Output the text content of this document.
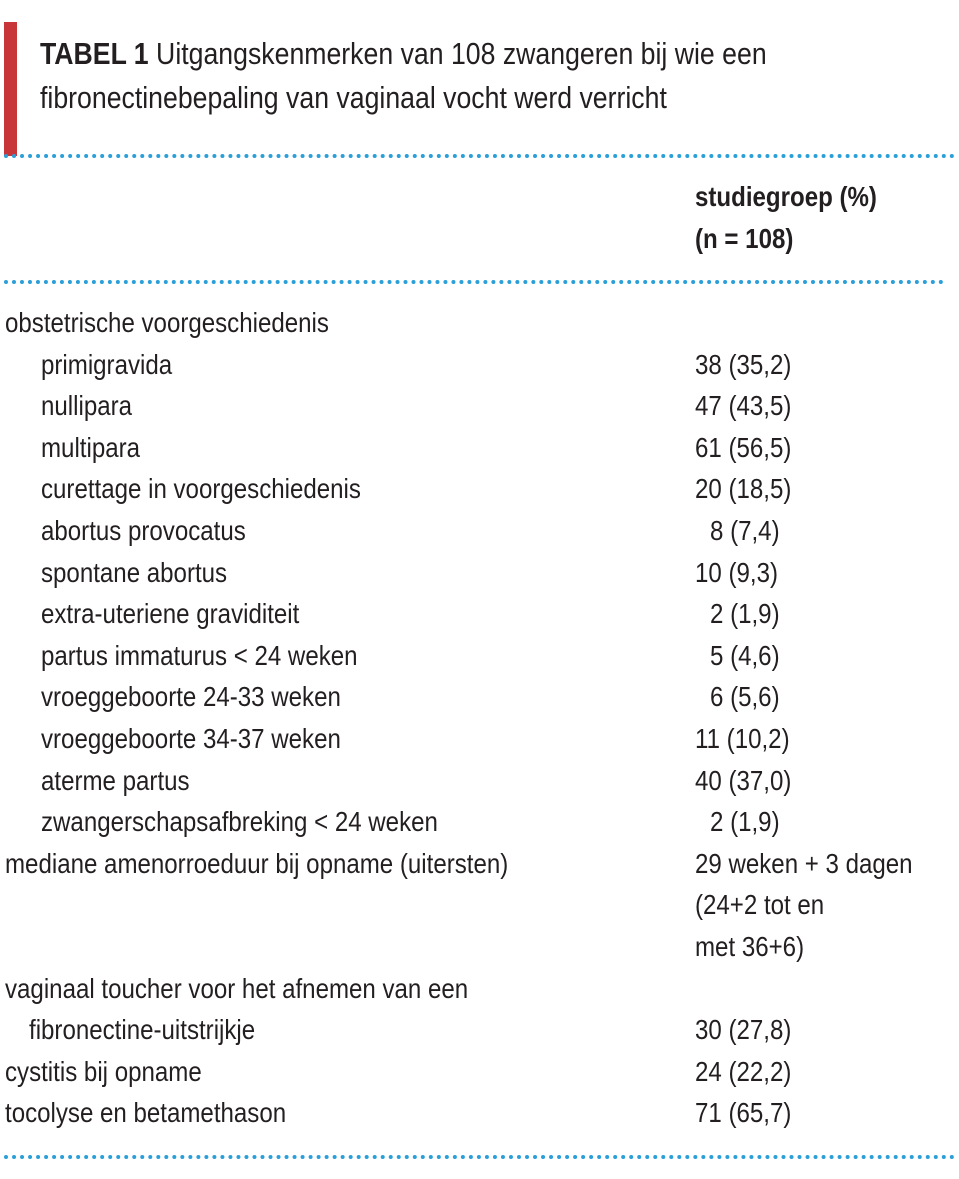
TABEL 1 Uitgangskenmerken van 108 zwangeren bij wie een
fibronectinebepaling van vaginaal vocht werd verricht
studiegroep (%)
(n = 108)
obstetrische voorgeschiedenis
primigravida	38 (35,2)
nullipara	47 (43,5)
multipara	61 (56,5)
curettage in voorgeschiedenis	20 (18,5)
abortus provocatus	8 (7,4)
spontane abortus	10 (9,3)
extra-uteriene graviditeit	2 (1,9)
partus immaturus < 24 weken	5 (4,6)
vroeggeboorte 24-33 weken	6 (5,6)
vroeggeboorte 34-37 weken	11 (10,2)
aterme partus	40 (37,0)
zwangerschapsafbreking < 24 weken	2 (1,9)
mediane amenorroeduur bij opname (uitersten)	29 weken + 3 dagen
(24+2 tot en
met 36+6)
vaginaal toucher voor het afnemen van een
fibronectine-uitstrijkje	30 (27,8)
cystitis bij opname	24 (22,2)
tocolyse en betamethason	71 (65,7)
